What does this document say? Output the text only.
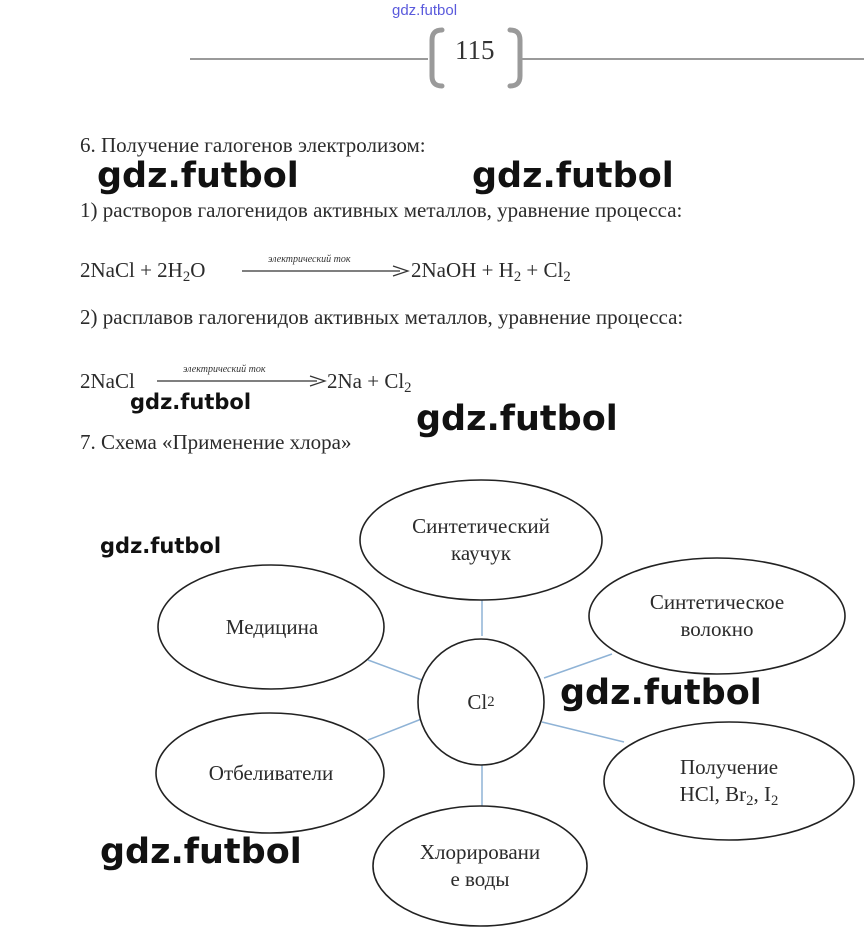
gdz.futbol
115
6. Получение галогенов электролизом:
1) растворов галогенидов активных металлов, уравнение процесса:
2NaCl + $2H_2O$	электрический ток	2NaOH + $H_2 + Cl_2$
2) расплавов галогенидов активных металлов, уравнение процесса:
2NaCl	электрический ток	$2Na + Cl_2$
7. Схема «Применение хлора»
Синтетический
каучук
Синтетическое
волокно
Медицина
Cl 2
Отбеливатели	Получение
HCl, $Br_2$, $I_2$
Хлорировани
е воды
gdz.futbol	gdz.futbol
gdz.futbol	gdz.futbol
gdz.futbol
gdz.futbol
gdz.futbol
